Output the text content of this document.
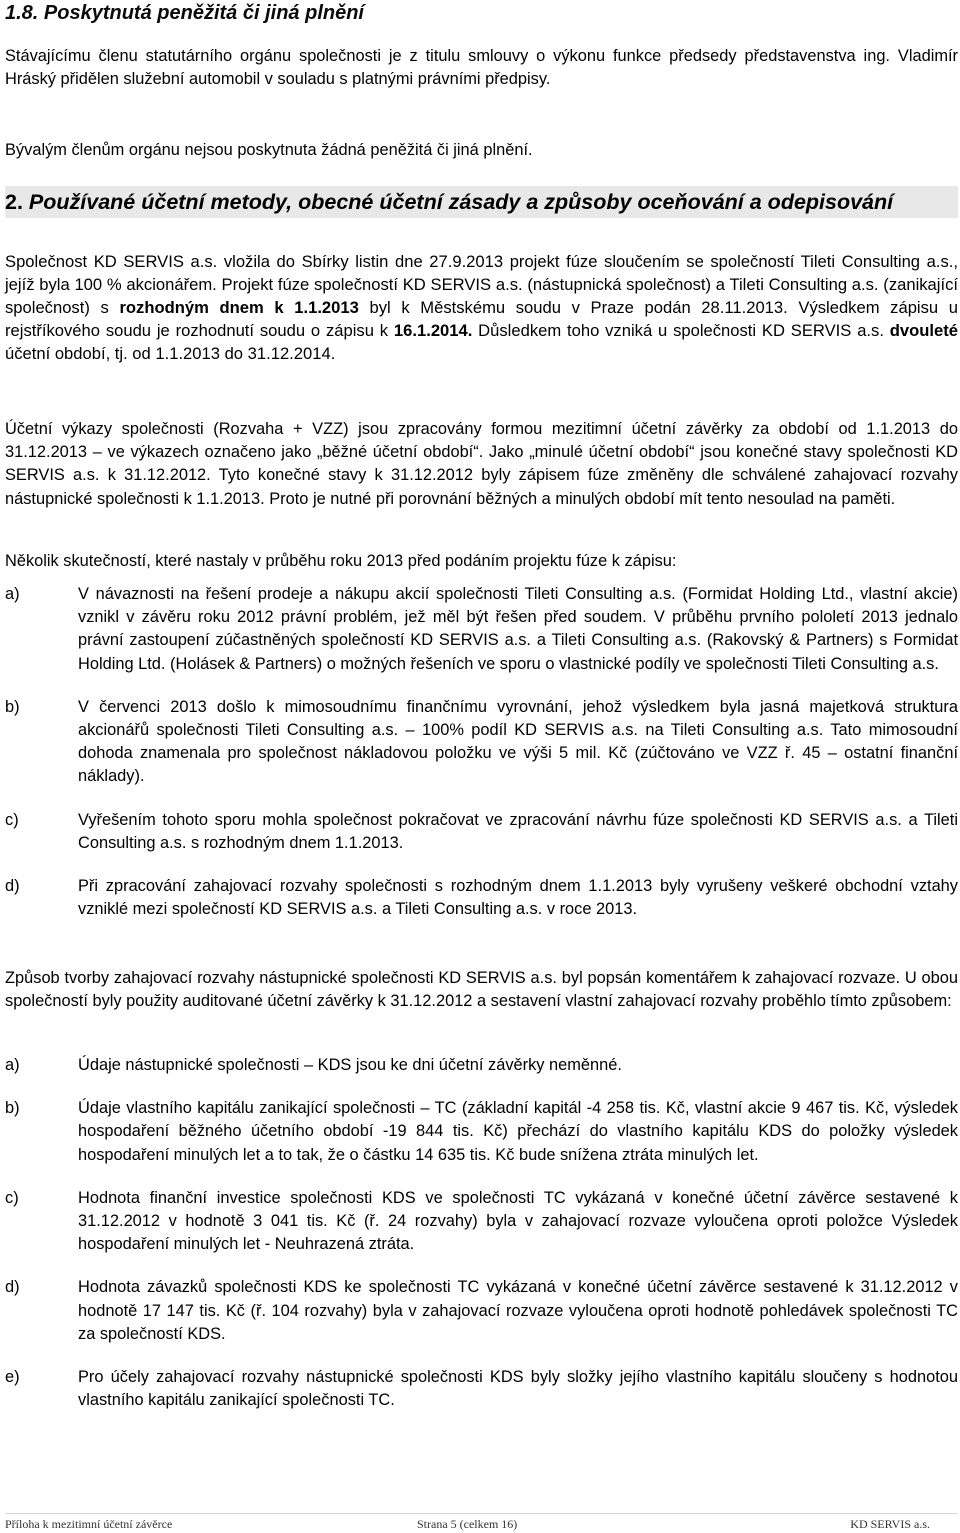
1.8. Poskytnutá peněžitá či jiná plnění

Stávajícímu členu statutárního orgánu společnosti je z titulu smlouvy o výkonu funkce předsedy představenstva ing. Vladimír Hráský přidělen služební automobil v souladu s platnými právními předpisy.

Bývalým členům orgánu nejsou poskytnuta žádná peněžitá či jiná plnění.

2. Používané účetní metody, obecné účetní zásady a způsoby oceňování a odepisování

Společnost KD SERVIS a.s. vložila do Sbírky listin dne 27.9.2013 projekt fúze sloučením se společností Tileti Consulting a.s., jejíž byla 100 % akcionářem. Projekt fúze společností KD SERVIS a.s. (nástupnická společnost) a Tileti Consulting a.s. (zanikající společnost) s rozhodným dnem k 1.1.2013 byl k Městskému soudu v Praze podán 28.11.2013. Výsledkem zápisu u rejstříkového soudu je rozhodnutí soudu o zápisu k 16.1.2014. Důsledkem toho vzniká u společnosti KD SERVIS a.s. dvouleté účetní období, tj. od 1.1.2013 do 31.12.2014.

Účetní výkazy společnosti (Rozvaha + VZZ) jsou zpracovány formou mezitimní účetní závěrky za období od 1.1.2013 do 31.12.2013 – ve výkazech označeno jako „běžné účetní období“. Jako „minulé účetní období“ jsou konečné stavy společnosti KD SERVIS a.s. k 31.12.2012. Tyto konečné stavy k 31.12.2012 byly zápisem fúze změněny dle schválené zahajovací rozvahy nástupnické společnosti k 1.1.2013. Proto je nutné při porovnání běžných a minulých období mít tento nesoulad na paměti.

Několik skutečností, které nastaly v průběhu roku 2013 před podáním projektu fúze k zápisu:

a)	V návaznosti na řešení prodeje a nákupu akcií společnosti Tileti Consulting a.s. (Formidat Holding Ltd., vlastní akcie) vznikl v závěru roku 2012 právní problém, jež měl být řešen před soudem. V průběhu prvního pololetí 2013 jednalo právní zastoupení zúčastněných společností KD SERVIS a.s. a Tileti Consulting a.s. (Rakovský & Partners) s Formidat Holding Ltd. (Holásek & Partners) o možných řešeních ve sporu o vlastnické podíly ve společnosti Tileti Consulting a.s.
b)	V červenci 2013 došlo k mimosoudnímu finančnímu vyrovnání, jehož výsledkem byla jasná majetková struktura akcionářů společnosti Tileti Consulting a.s. – 100% podíl KD SERVIS a.s. na Tileti Consulting a.s. Tato mimosoudní dohoda znamenala pro společnost nákladovou položku ve výši 5 mil. Kč (zúčtováno ve VZZ ř. 45 – ostatní finanční náklady).
c)	Vyřešením tohoto sporu mohla společnost pokračovat ve zpracování návrhu fúze společnosti KD SERVIS a.s. a Tileti Consulting a.s. s rozhodným dnem 1.1.2013.
d)	Při zpracování zahajovací rozvahy společnosti s rozhodným dnem 1.1.2013 byly vyrušeny veškeré obchodní vztahy vzniklé mezi společností KD SERVIS a.s. a Tileti Consulting a.s. v roce 2013.

Způsob tvorby zahajovací rozvahy nástupnické společnosti KD SERVIS a.s. byl popsán komentářem k zahajovací rozvaze. U obou společností byly použity auditované účetní závěrky k 31.12.2012 a sestavení vlastní zahajovací rozvahy proběhlo tímto způsobem:

a)	Údaje nástupnické společnosti – KDS jsou ke dni účetní závěrky neměnné.
b)	Údaje vlastního kapitálu zanikající společnosti – TC (základní kapitál -4 258 tis. Kč, vlastní akcie 9 467 tis. Kč, výsledek hospodaření běžného účetního období -19 844 tis. Kč) přechází do vlastního kapitálu KDS do položky výsledek hospodaření minulých let a to tak, že o částku 14 635 tis. Kč bude snížena ztráta minulých let.
c)	Hodnota finanční investice společnosti KDS ve společnosti TC vykázaná v konečné účetní závěrce sestavené k 31.12.2012 v hodnotě 3 041 tis. Kč (ř. 24 rozvahy) byla v zahajovací rozvaze vyloučena oproti položce Výsledek hospodaření minulých let - Neuhrazená ztráta.
d)	Hodnota závazků společnosti KDS ke společnosti TC vykázaná v konečné účetní závěrce sestavené k 31.12.2012 v hodnotě 17 147 tis. Kč (ř. 104 rozvahy) byla v zahajovací rozvaze vyloučena oproti hodnotě pohledávek společnosti TC za společností KDS.
e)	Pro účely zahajovací rozvahy nástupnické společnosti KDS byly složky jejího vlastního kapitálu sloučeny s hodnotou vlastního kapitálu zanikající společnosti TC.
Příloha k mezitimní účetní závěrce	Strana 5 (celkem 16)	KD SERVIS a.s.
